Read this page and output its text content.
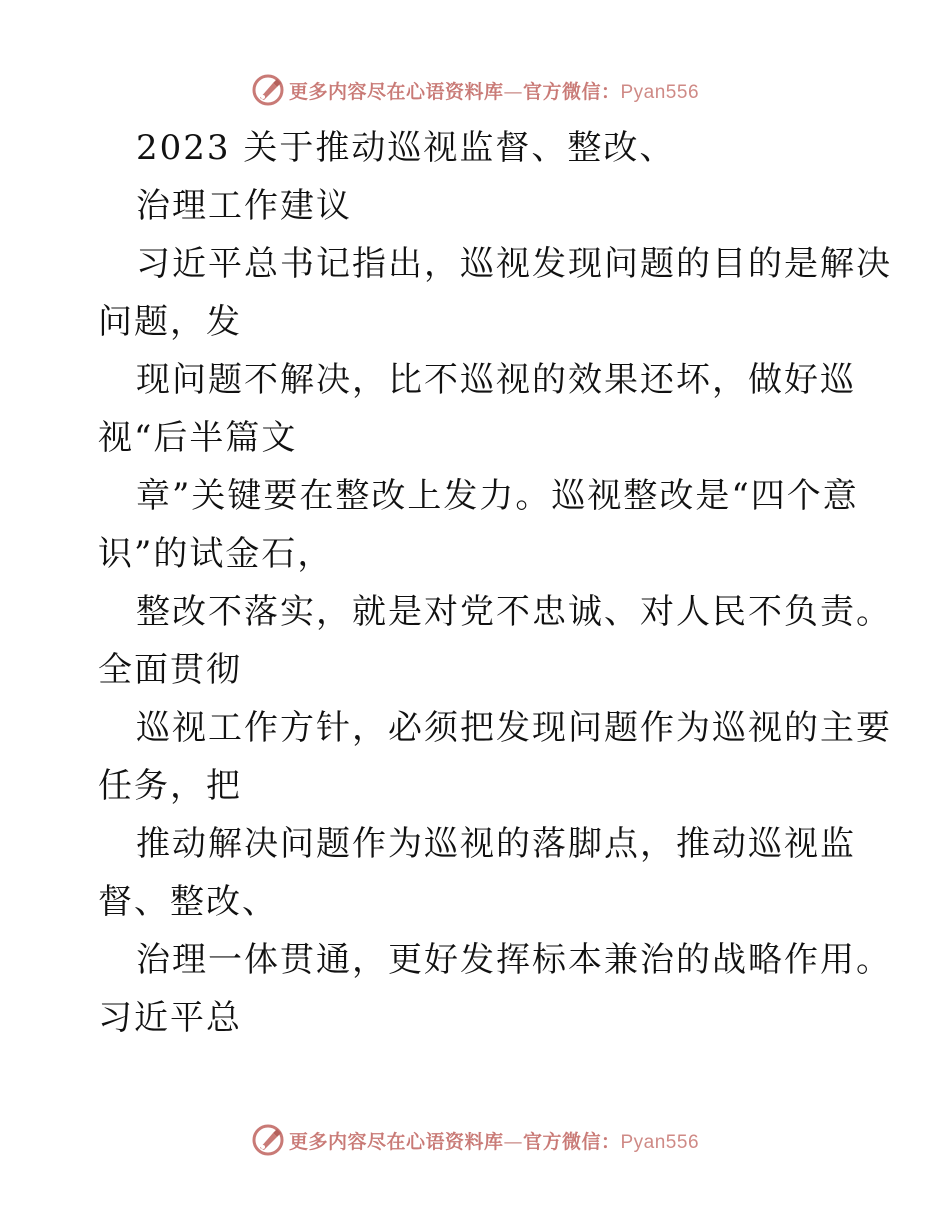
更多内容尽在心语资料库—官方微信：Pyan556
2023 关于推动巡视监督、整改、
治理工作建议
习近平总书记指出，巡视发现问题的目的是解决
问题，发
现问题不解决，比不巡视的效果还坏，做好巡
视“后半篇文
章”关键要在整改上发力。巡视整改是“四个意
识”的试金石，
整改不落实，就是对党不忠诚、对人民不负责。
全面贯彻
巡视工作方针，必须把发现问题作为巡视的主要
任务，把
推动解决问题作为巡视的落脚点，推动巡视监
督、整改、
治理一体贯通，更好发挥标本兼治的战略作用。
习近平总
更多内容尽在心语资料库—官方微信：Pyan556
